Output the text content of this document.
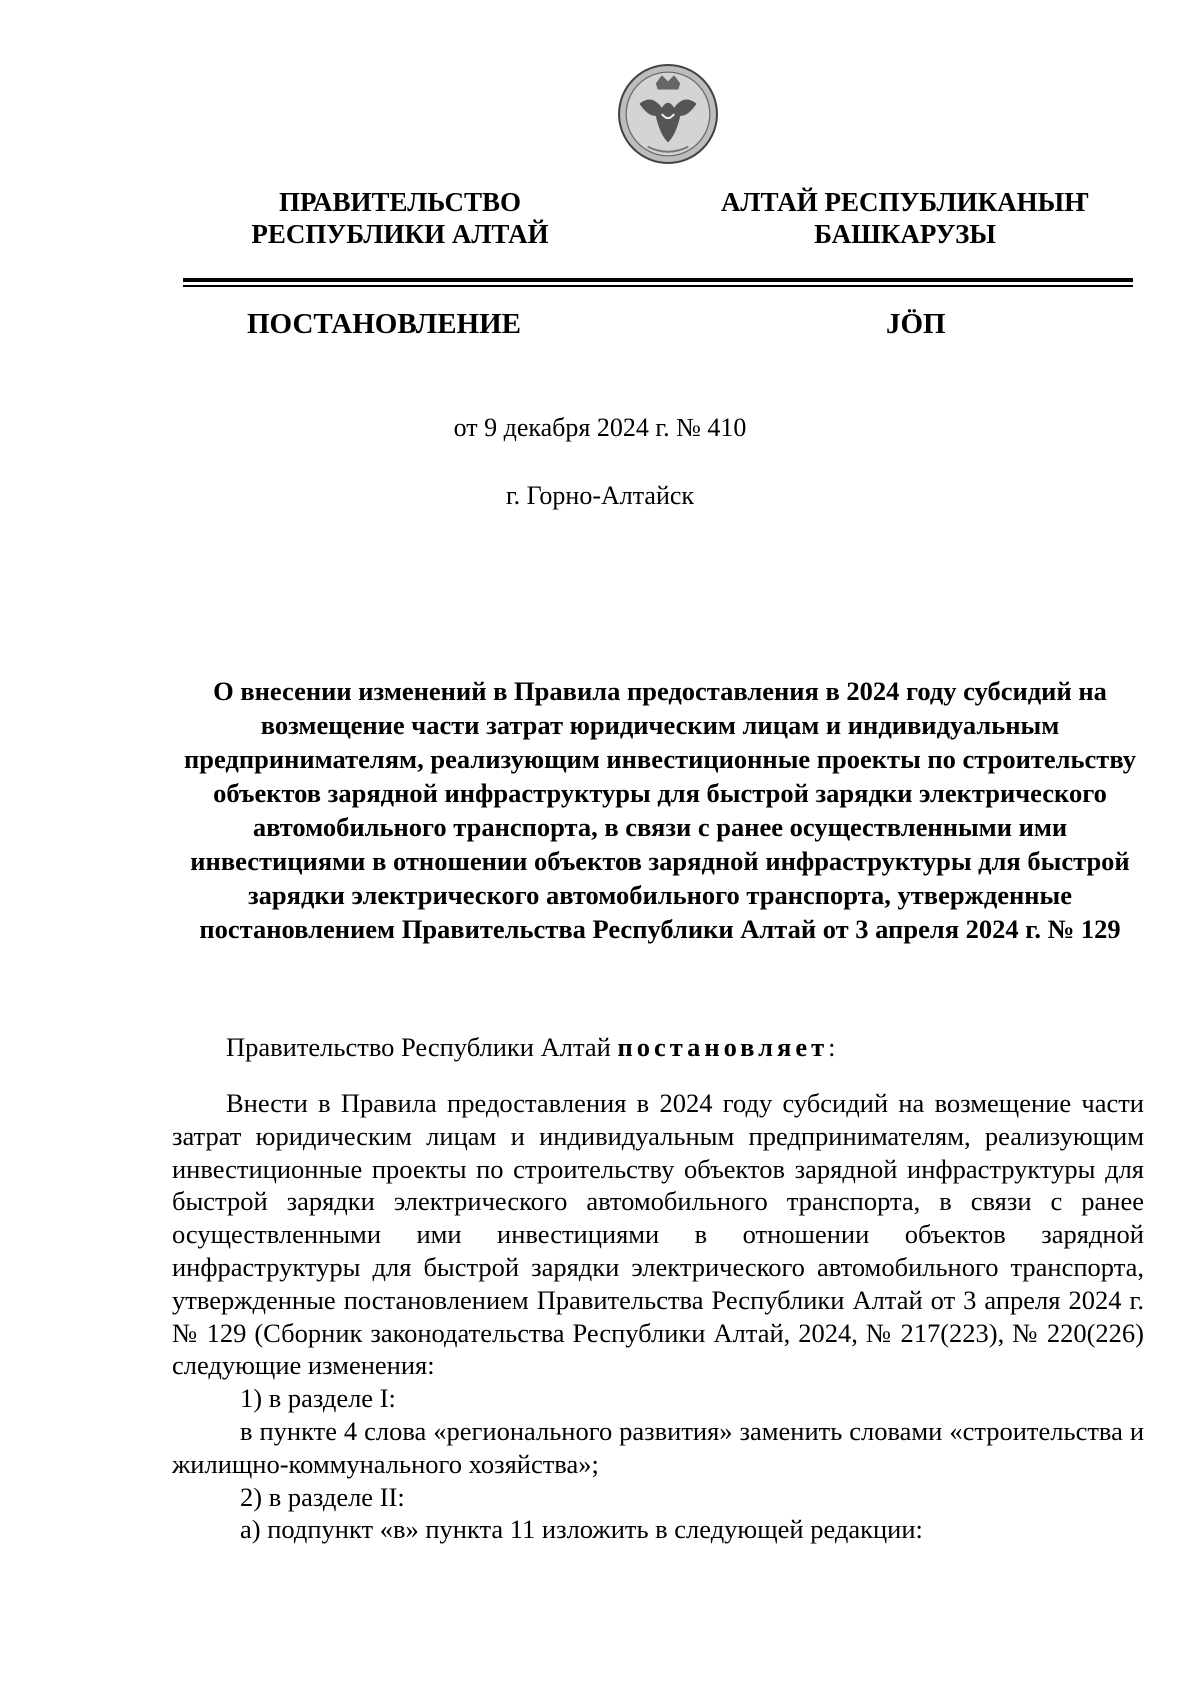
ПРАВИТЕЛЬСТВО
РЕСПУБЛИКИ АЛТАЙ
АЛТАЙ РЕСПУБЛИКАНЫҤ
БАШКАРУЗЫ
ПОСТАНОВЛЕНИЕ	JÖП
от 9 декабря 2024 г. № 410
г. Горно-Алтайск
О внесении изменений в Правила предоставления в 2024 году субсидий на возмещение части затрат юридическим лицам и индивидуальным предпринимателям, реализующим инвестиционные проекты по строительству объектов зарядной инфраструктуры для быстрой зарядки электрического автомобильного транспорта, в связи с ранее осуществленными ими инвестициями в отношении объектов зарядной инфраструктуры для быстрой зарядки электрического автомобильного транспорта, утвержденные постановлением Правительства Республики Алтай от 3 апреля 2024 г. № 129
Правительство Республики Алтай постановляет:

Внести в Правила предоставления в 2024 году субсидий на возмещение части затрат юридическим лицам и индивидуальным предпринимателям, реализующим инвестиционные проекты по строительству объектов зарядной инфраструктуры для быстрой зарядки электрического автомобильного транспорта, в связи с ранее осуществленными ими инвестициями в отношении объектов зарядной инфраструктуры для быстрой зарядки электрического автомобильного транспорта, утвержденные постановлением Правительства Республики Алтай от 3 апреля 2024 г. № 129 (Сборник законодательства Республики Алтай, 2024, № 217(223), № 220(226) следующие изменения:

1) в разделе I:

в пункте 4 слова «регионального развития» заменить словами «строительства и жилищно-коммунального хозяйства»;

2) в разделе II:

а) подпункт «в» пункта 11 изложить в следующей редакции:
